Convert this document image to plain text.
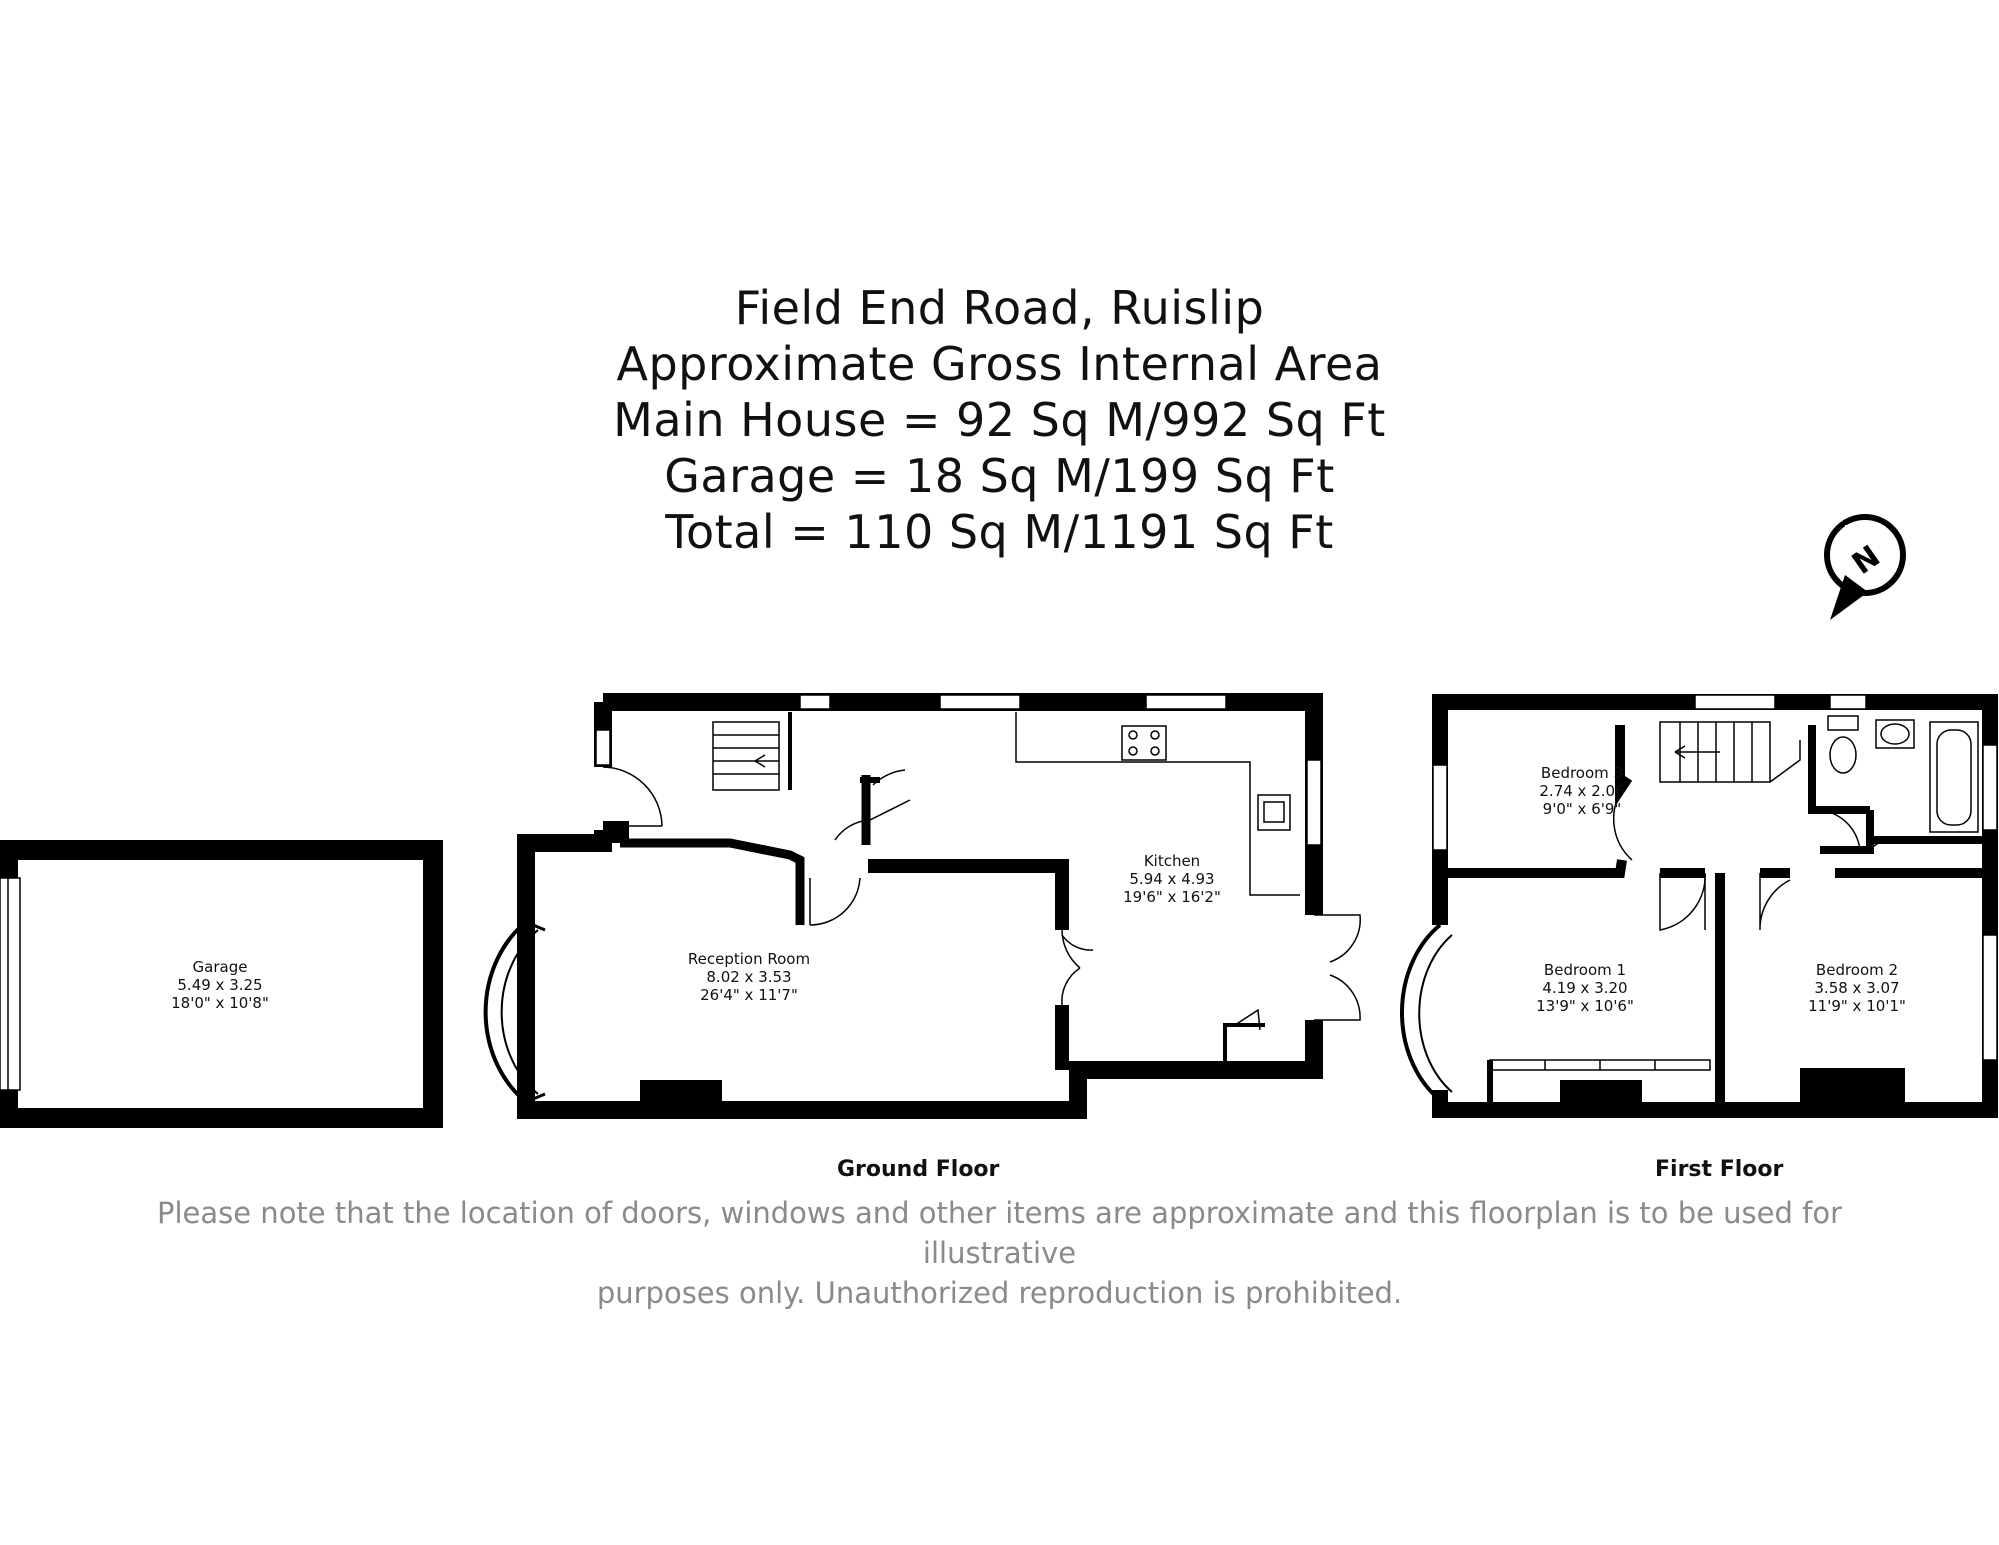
Field End Road, Ruislip
Approximate Gross Internal Area
Main House = 92 Sq M/992 Sq Ft
Garage = 18 Sq M/199 Sq Ft
Total = 110 Sq M/1191 Sq Ft
N
Garage
5.49 x 3.25
18'0" x 10'8"
Reception Room
8.02 x 3.53
26'4" x 11'7"
Kitchen
5.94 x 4.93
19'6" x 16'2"
Bedroom 3
2.74 x 2.06
9'0" x 6'9"
Bedroom 1
4.19 x 3.20
13'9" x 10'6"
Bedroom 2
3.58 x 3.07
11'9" x 10'1"
Ground Floor	First Floor
Please note that the location of doors, windows and other items are approximate and this floorplan is to be used for illustrative
purposes only. Unauthorized reproduction is prohibited.
